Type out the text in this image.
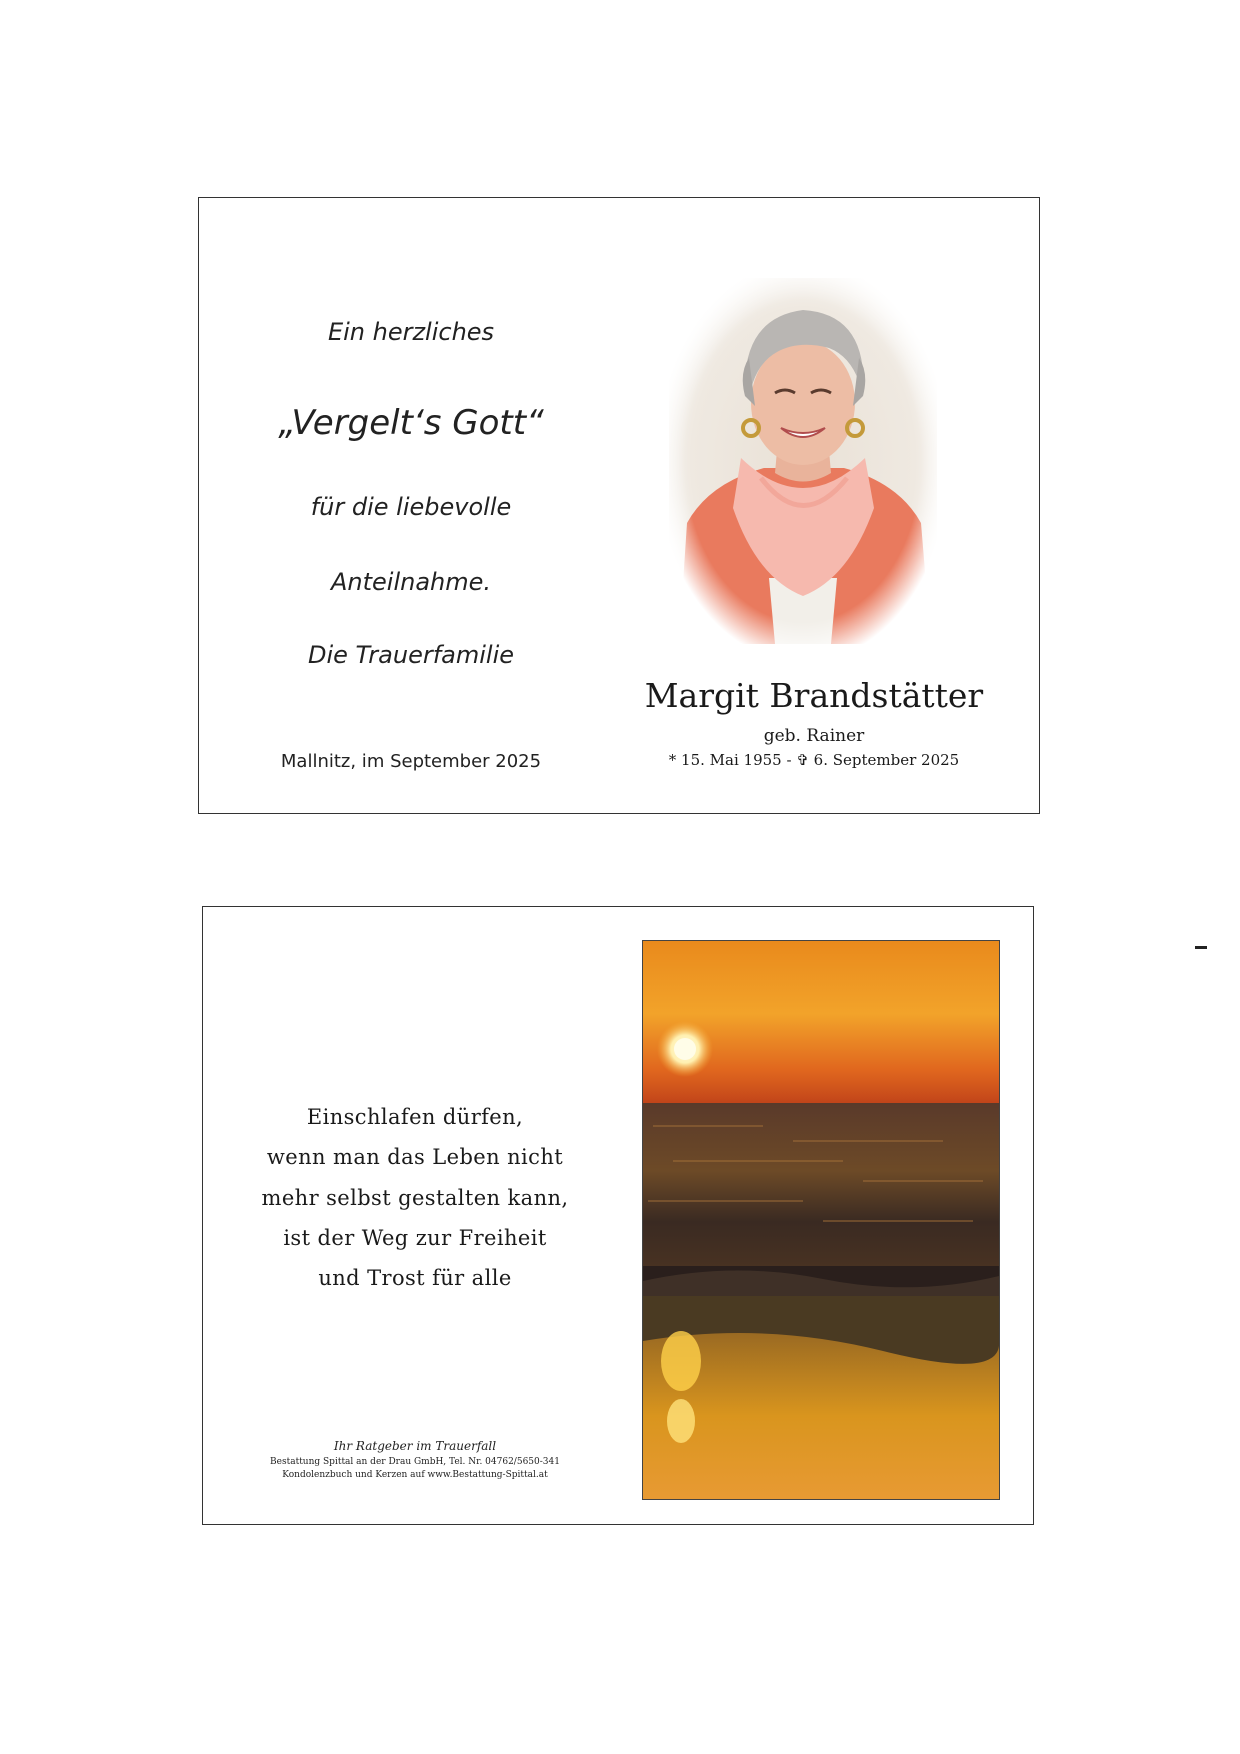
Ein herzliches
„Vergelt‘s Gott“
für die liebevolle
Anteilnahme.
Die Trauerfamilie
Mallnitz, im September 2025
Margit Brandstätter
geb. Rainer
* 15. Mai 1955 - ✞ 6. September 2025
Einschlafen dürfen,
wenn man das Leben nicht
mehr selbst gestalten kann,
ist der Weg zur Freiheit
und Trost für alle
Ihr Ratgeber im Trauerfall
Bestattung Spittal an der Drau GmbH, Tel. Nr. 04762/5650-341
Kondolenzbuch und Kerzen auf www.Bestattung-Spittal.at
